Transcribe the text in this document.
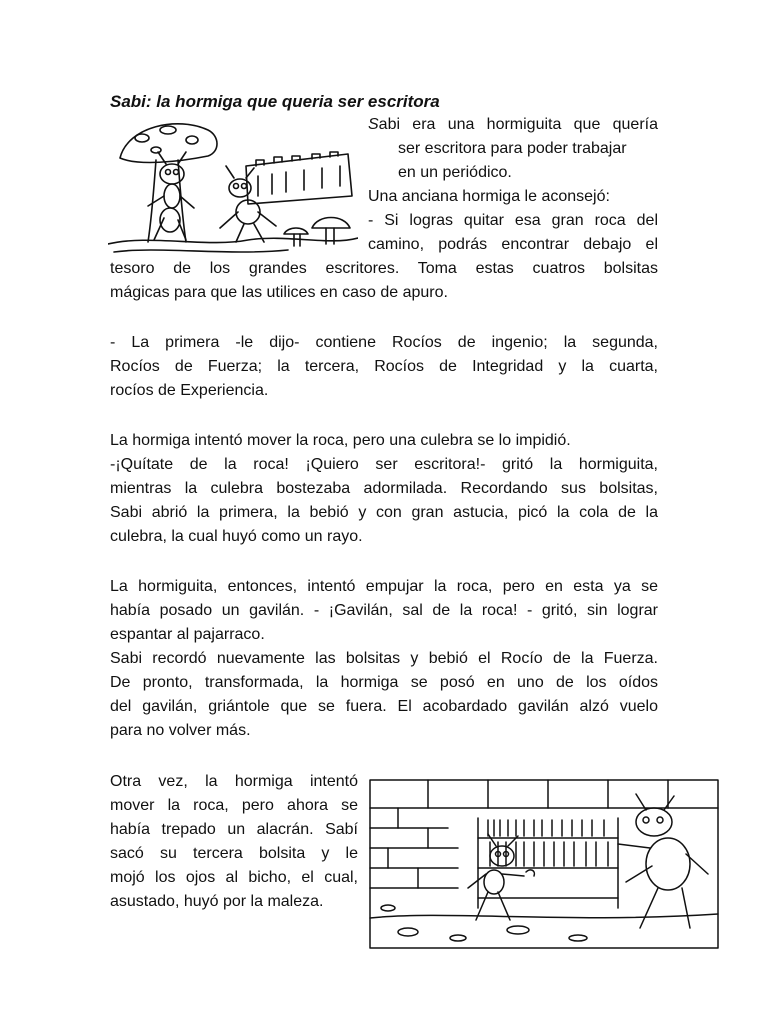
Sabi: la hormiga que queria ser escritora

Sabi era una hormiguita que quería
ser escritora para poder trabajar
en un periódico.
Una anciana hormiga le aconsejó:
- Si logras quitar esa gran roca del
camino, podrás encontrar debajo el

tesoro de los grandes escritores. Toma estas cuatros bolsitas
mágicas para que las utilices en caso de apuro.

- La primera -le dijo- contiene Rocíos de ingenio; la segunda,
Rocíos de Fuerza; la tercera, Rocíos de Integridad y la cuarta,
rocíos de Experiencia.

La hormiga intentó mover la roca, pero una culebra se lo impidió.
-¡Quítate de la roca! ¡Quiero ser escritora!- gritó la hormiguita,
mientras la culebra bostezaba adormilada. Recordando sus bolsitas,
Sabi abrió la primera, la bebió y con gran astucia, picó la cola de la
culebra, la cual huyó como un rayo.

La hormiguita, entonces, intentó empujar la roca, pero en esta ya se
había posado un gavilán. - ¡Gavilán, sal de la roca! - gritó, sin lograr
espantar al pajarraco.
Sabi recordó nuevamente las bolsitas y bebió el Rocío de la Fuerza.
De pronto, transformada, la hormiga se posó en uno de los oídos
del gavilán, griántole que se fuera. El acobardado gavilán alzó vuelo
para no volver más.

Otra vez, la hormiga intentó
mover la roca, pero ahora se
había trepado un alacrán. Sabí
sacó su tercera bolsita y le
mojó los ojos al bicho, el cual,
asustado, huyó por la maleza.
